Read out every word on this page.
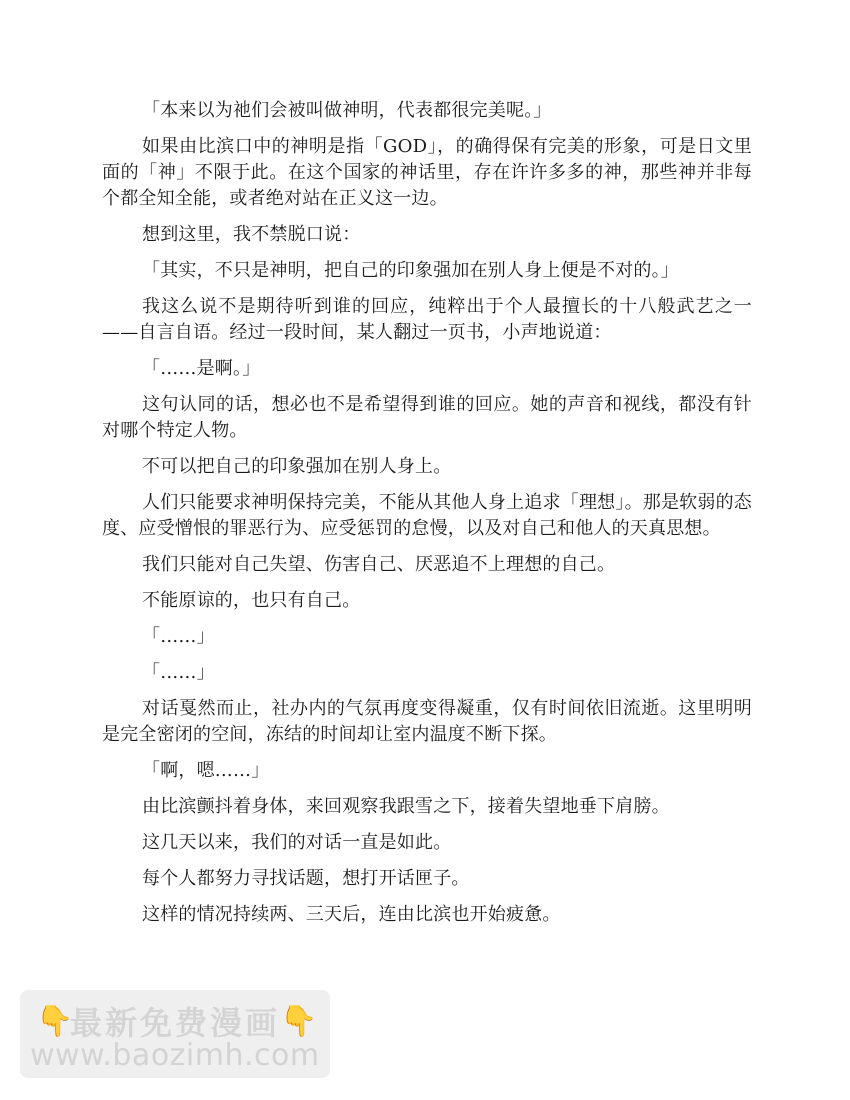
「本来以为祂们会被叫做神明，代表都很完美呢。」

如果由比滨口中的神明是指「GOD」，的确得保有完美的形象，可是日文里面的「神」不限于此。在这个国家的神话里，存在许许多多的神，那些神并非每个都全知全能，或者绝对站在正义这一边。

想到这里，我不禁脱口说：

「其实，不只是神明，把自己的印象强加在别人身上便是不对的。」

我这么说不是期待听到谁的回应，纯粹出于个人最擅长的十八般武艺之一——自言自语。经过一段时间，某人翻过一页书，小声地说道：

「……是啊。」

这句认同的话，想必也不是希望得到谁的回应。她的声音和视线，都没有针对哪个特定人物。

不可以把自己的印象强加在别人身上。

人们只能要求神明保持完美，不能从其他人身上追求「理想」。那是软弱的态度、应受憎恨的罪恶行为、应受惩罚的怠慢，以及对自己和他人的天真思想。

我们只能对自己失望、伤害自己、厌恶追不上理想的自己。

不能原谅的，也只有自己。

「……」

「……」

对话戛然而止，社办内的气氛再度变得凝重，仅有时间依旧流逝。这里明明是完全密闭的空间，冻结的时间却让室内温度不断下探。

「啊，嗯……」

由比滨颤抖着身体，来回观察我跟雪之下，接着失望地垂下肩膀。

这几天以来，我们的对话一直是如此。

每个人都努力寻找话题，想打开话匣子。

这样的情况持续两、三天后，连由比滨也开始疲惫。

👇
最新免费漫画 👇
www.baozimh.com
